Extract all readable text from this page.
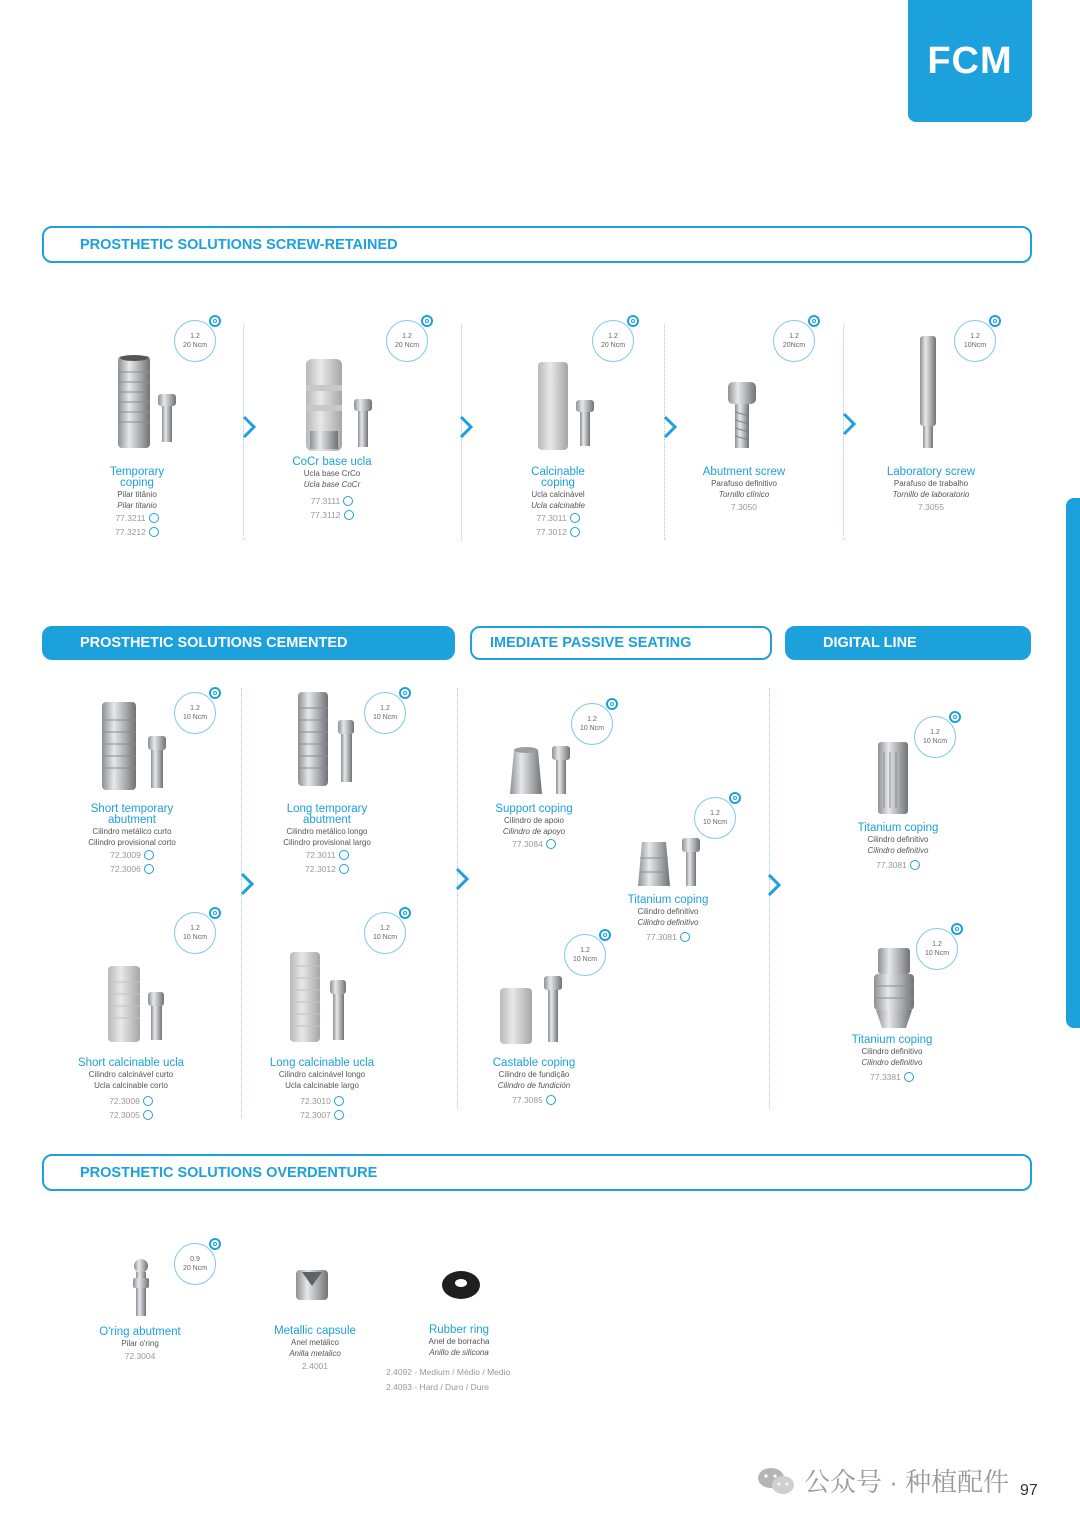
FCM
PROSTHETIC SOLUTIONS SCREW-RETAINED
PROSTHETIC SOLUTIONS CEMENTED	IMEDIATE PASSIVE SEATING	DIGITAL LINE
PROSTHETIC SOLUTIONS OVERDENTURE
1.2
20 Ncm
Temporary
coping
Pilar titânio
Pilar titanio
77.3211
77.3212
1.2
20 Ncm
CoCr base ucla
Ucla base CrCo
Ucla base CoCr
77.3111
77.3112
1.2
20 Ncm
Calcinable
coping
Ucla calcinável
Ucla calcinable
77.3011
77.3012
1.2
20Ncm
Abutment screw
Parafuso definitivo
Tornillo clínico
7.3050
1.2
10Ncm
Laboratory screw
Parafuso de trabalho
Tornillo de laboratorio
7.3055
1.2
10 Ncm
Short temporary
abutment
Cilindro metálico curto
Cilindro provisional corto
72.3009
72.3006
1.2
10 Ncm
Long temporary
abutment
Cilindro metálico longo
Cilindro provisional largo
72.3011
72.3012
1.2
10 Ncm
Short calcinable ucla
Cilindro calcinável curto
Ucla calcinable corto
72.3008
72.3005
1.2
10 Ncm
Long calcinable ucla
Cilindro calcinável longo
Ucla calcinable largo
72.3010
72.3007
1.2
10 Ncm
Support coping
Cilindro de apoio
Cilindro de apoyo
77.3084
1.2
10 Ncm
Titanium coping
Cilindro definitivo
Cilindro definitivo
77.3081
1.2
10 Ncm
Castable coping
Cilindro de fundição
Cilindro de fundición
77.3085
1.2
10 Ncm
Titanium coping
Cilindro definitivo
Cilindro definitivo
77.3081
1.2
10 Ncm
Titanium coping
Cilindro definitivo
Cilindro definitivo
77.3381
0.9
20 Ncm
O'ring abutment
Pilar o'ring
72.3004
Metallic capsule
Anel metálico
Anilla metalico
2.4001
Rubber ring
Anel de borracha
Anillo de silicona
2.4092 - Medium / Médio / Medio
2.4093 - Hard / Duro / Dure
公众号 · 种植配件 97
